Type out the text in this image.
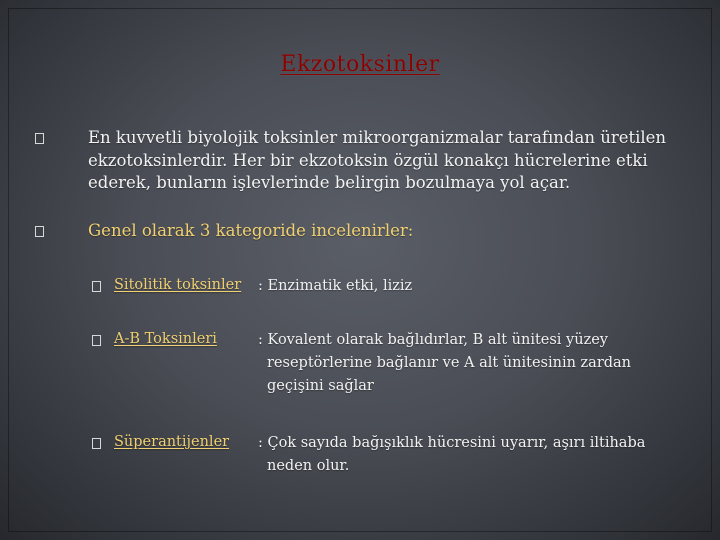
Ekzotoksinler
En kuvvetli biyolojik toksinler mikroorganizmalar tarafından üretilen ekzotoksinlerdir. Her bir ekzotoksin özgül konakçı hücrelerine etki ederek, bunların işlevlerinde belirgin bozulmaya yol açar.
Genel olarak 3 kategoride incelenirler:
Sitolitik toksinler : Enzimatik etki, liziz
A-B Toksinleri	: Kovalent olarak bağlıdırlar, B alt ünitesi yüzey
reseptörlerine bağlanır ve A alt ünitesinin zardan geçişini sağlar
Süperantijenler : Çok sayıda bağışıklık hücresini uyarır, aşırı iltihaba
neden olur.
